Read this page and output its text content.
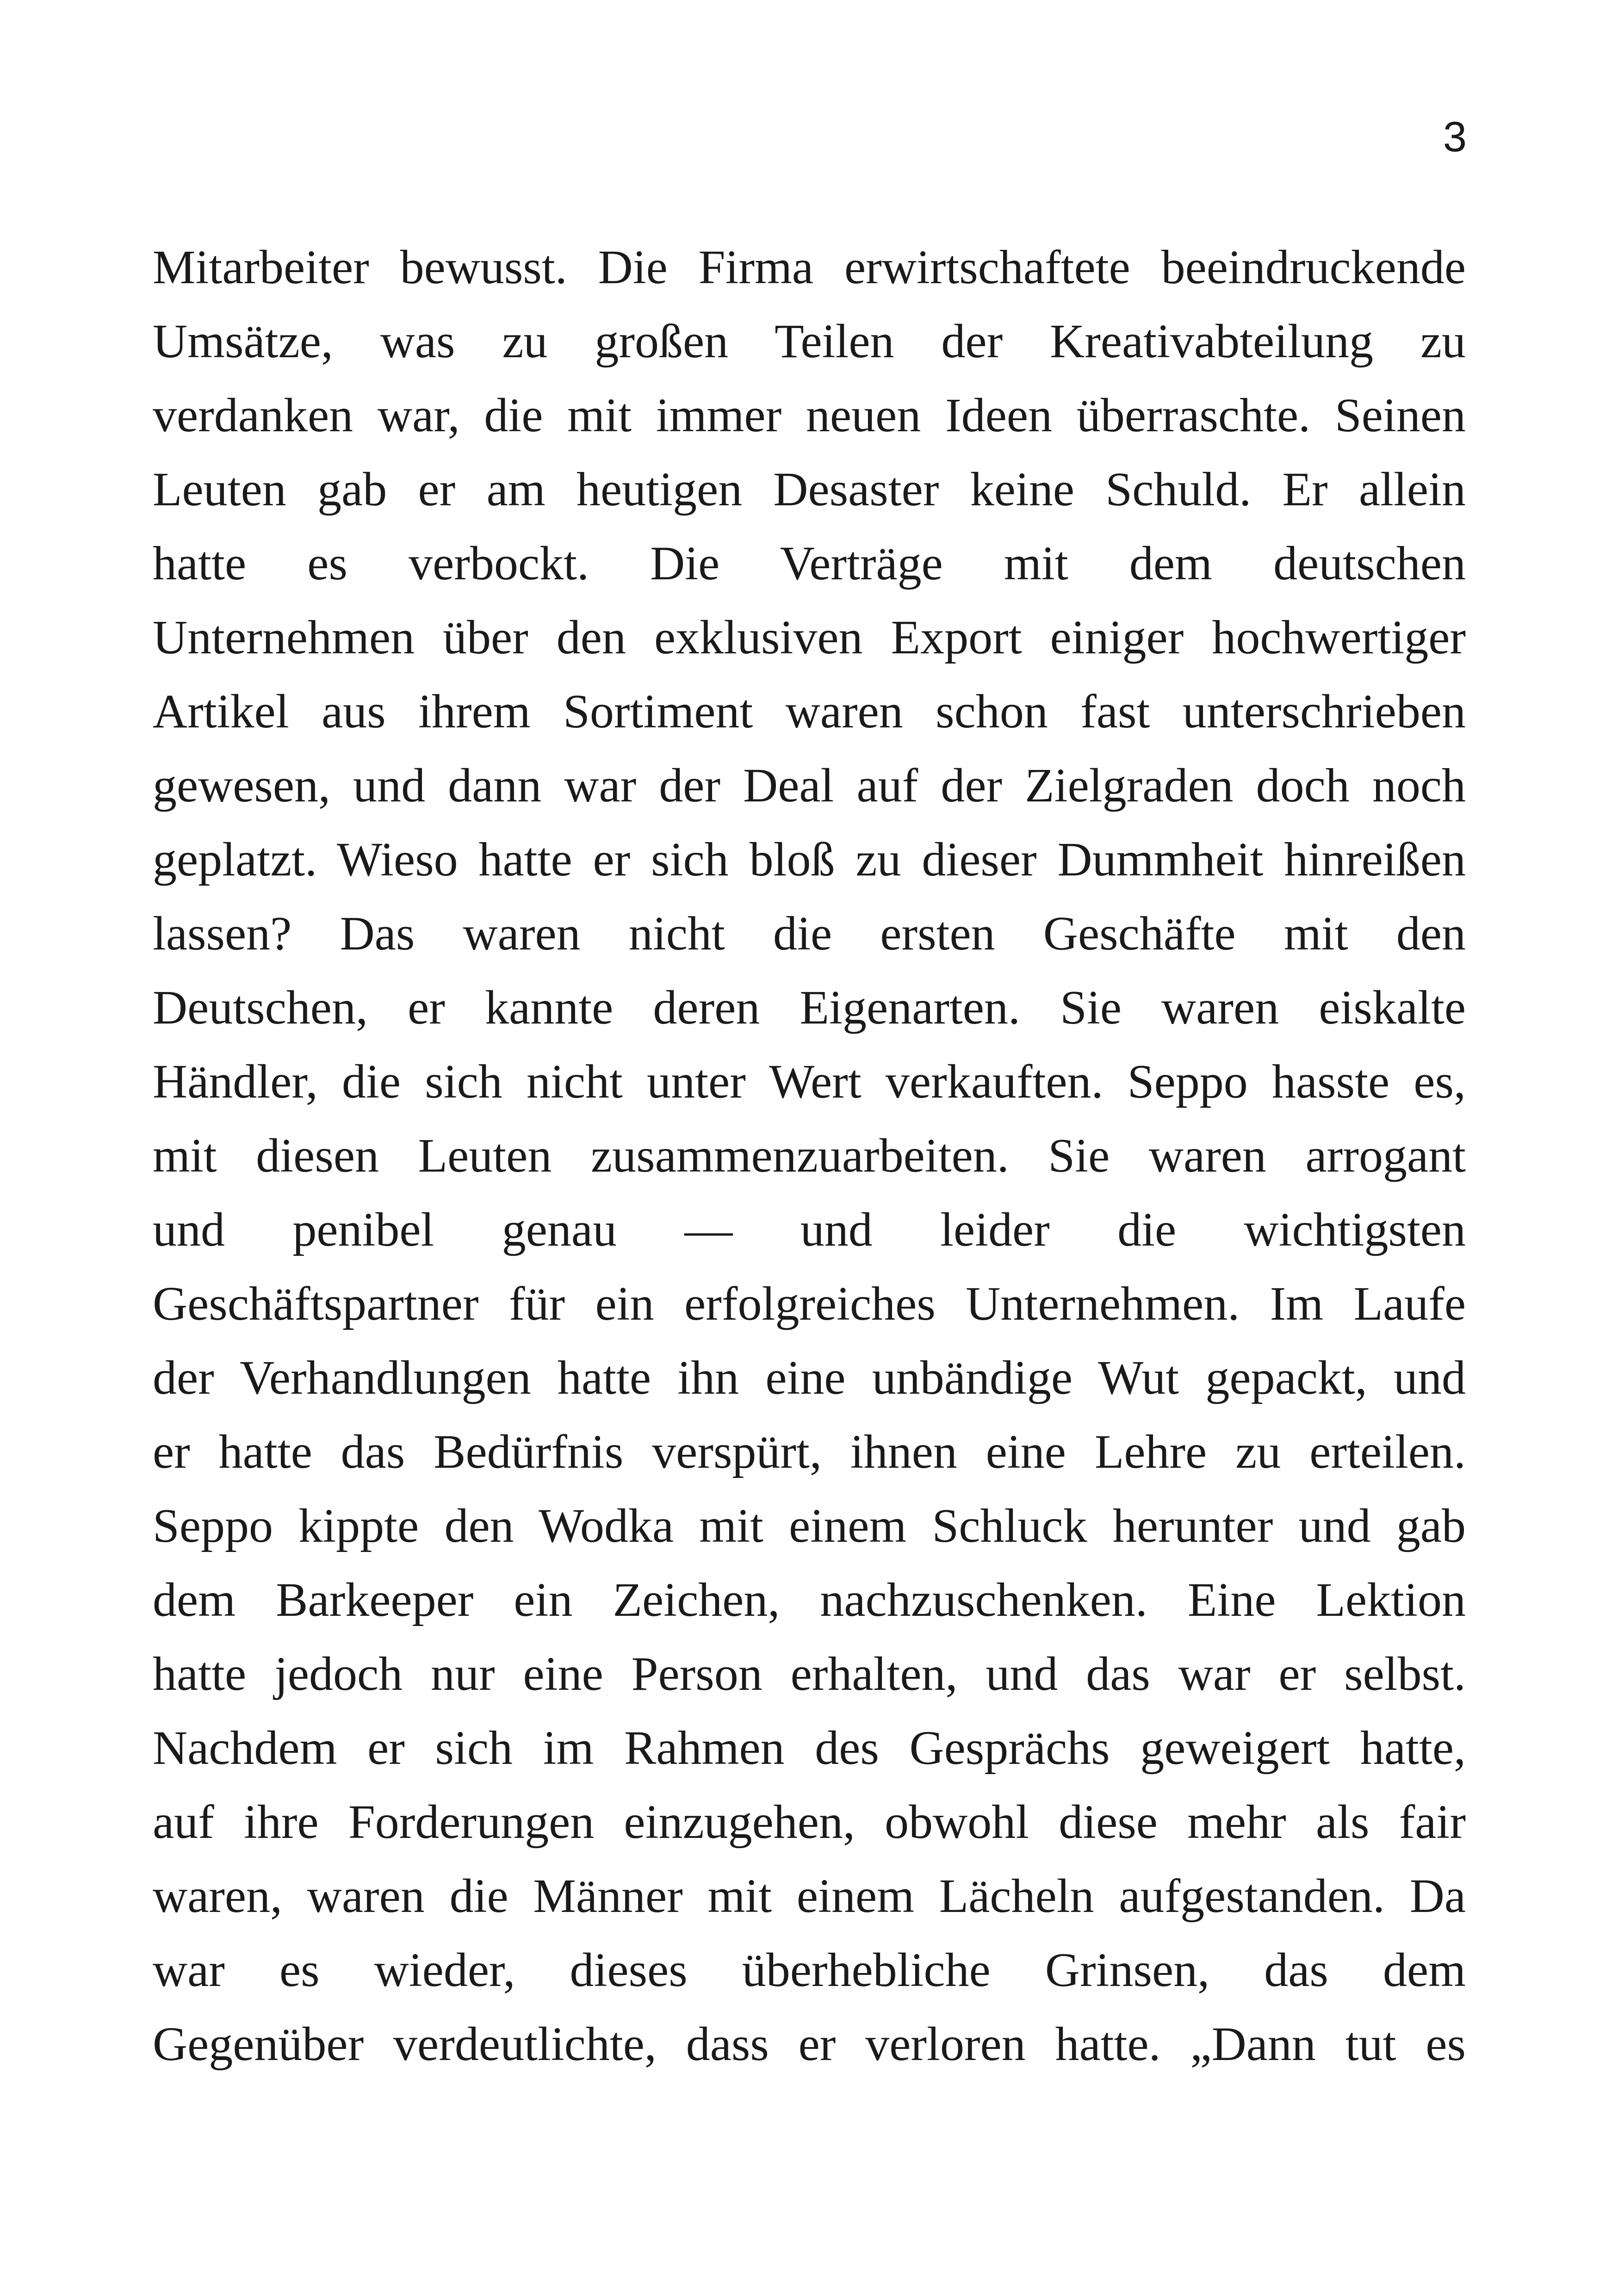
3
Mitarbeiter bewusst. Die Firma erwirtschaftete beeindruckende
Umsätze, was zu großen Teilen der Kreativabteilung zu
verdanken war, die mit immer neuen Ideen überraschte. Seinen
Leuten gab er am heutigen Desaster keine Schuld. Er allein
hatte es verbockt. Die Verträge mit dem deutschen
Unternehmen über den exklusiven Export einiger hochwertiger
Artikel aus ihrem Sortiment waren schon fast unterschrieben
gewesen, und dann war der Deal auf der Zielgraden doch noch
geplatzt. Wieso hatte er sich bloß zu dieser Dummheit hinreißen
lassen? Das waren nicht die ersten Geschäfte mit den
Deutschen, er kannte deren Eigenarten. Sie waren eiskalte
Händler, die sich nicht unter Wert verkauften. Seppo hasste es,
mit diesen Leuten zusammenzuarbeiten. Sie waren arrogant
und penibel genau — und leider die wichtigsten
Geschäftspartner für ein erfolgreiches Unternehmen. Im Laufe
der Verhandlungen hatte ihn eine unbändige Wut gepackt, und
er hatte das Bedürfnis verspürt, ihnen eine Lehre zu erteilen.
Seppo kippte den Wodka mit einem Schluck herunter und gab
dem Barkeeper ein Zeichen, nachzuschenken. Eine Lektion
hatte jedoch nur eine Person erhalten, und das war er selbst.
Nachdem er sich im Rahmen des Gesprächs geweigert hatte,
auf ihre Forderungen einzugehen, obwohl diese mehr als fair
waren, waren die Männer mit einem Lächeln aufgestanden. Da
war es wieder, dieses überhebliche Grinsen, das dem
Gegenüber verdeutlichte, dass er verloren hatte. „Dann tut es
